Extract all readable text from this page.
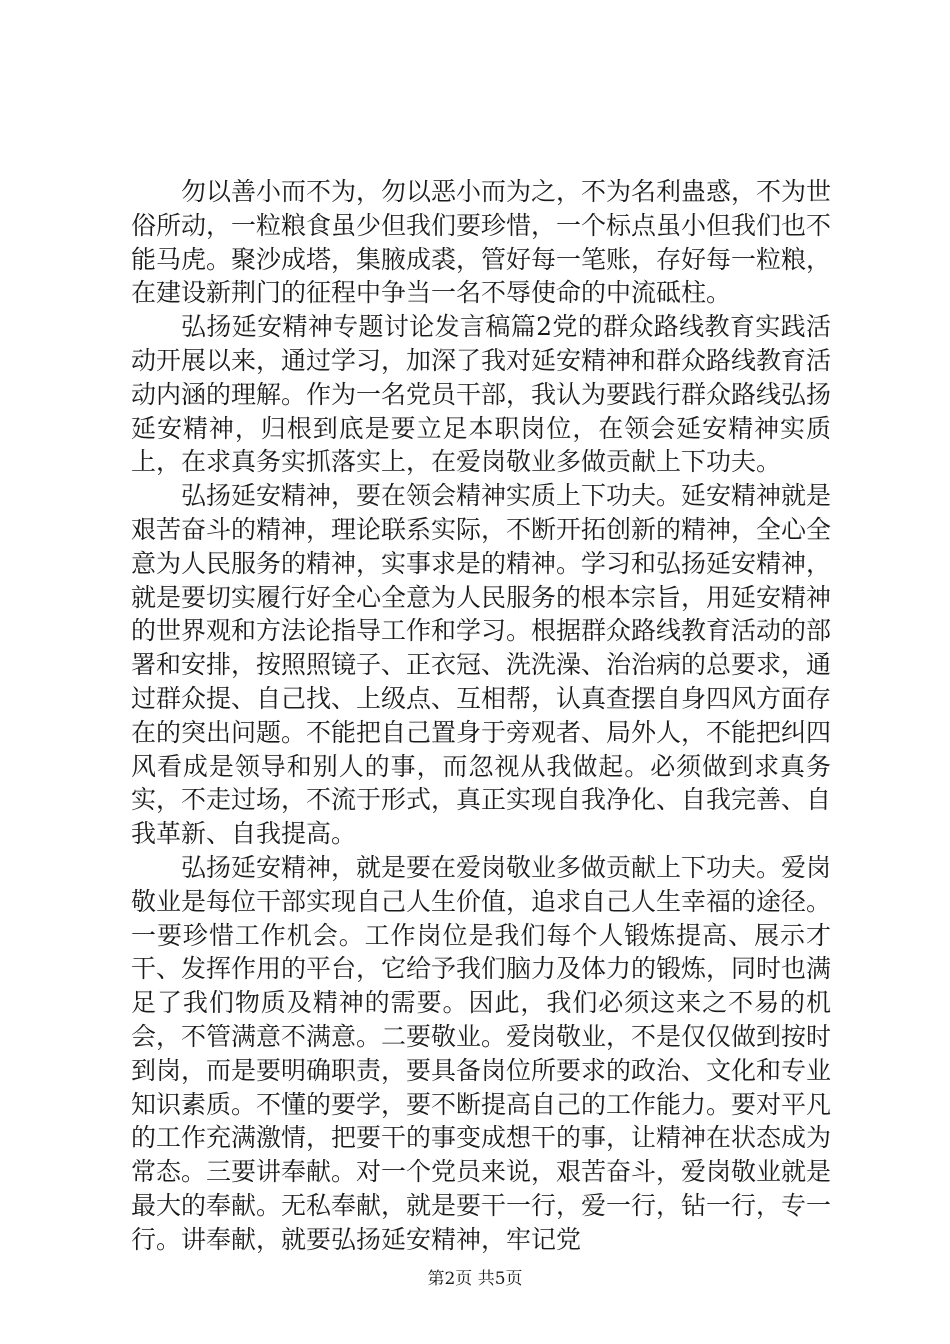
勿以善小而不为，勿以恶小而为之，不为名利蛊惑，不为世俗所动，一粒粮食虽少但我们要珍惜，一个标点虽小但我们也不能马虎。聚沙成塔，集腋成裘，管好每一笔账，存好每一粒粮，在建设新荆门的征程中争当一名不辱使命的中流砥柱。

弘扬延安精神专题讨论发言稿篇2党的群众路线教育实践活动开展以来，通过学习，加深了我对延安精神和群众路线教育活动内涵的理解。作为一名党员干部，我认为要践行群众路线弘扬延安精神，归根到底是要立足本职岗位，在领会延安精神实质上，在求真务实抓落实上，在爱岗敬业多做贡献上下功夫。

弘扬延安精神，要在领会精神实质上下功夫。延安精神就是艰苦奋斗的精神，理论联系实际，不断开拓创新的精神，全心全意为人民服务的精神，实事求是的精神。学习和弘扬延安精神，就是要切实履行好全心全意为人民服务的根本宗旨，用延安精神的世界观和方法论指导工作和学习。根据群众路线教育活动的部署和安排，按照照镜子、正衣冠、洗洗澡、治治病的总要求，通过群众提、自己找、上级点、互相帮，认真查摆自身四风方面存在的突出问题。不能把自己置身于旁观者、局外人，不能把纠四风看成是领导和别人的事，而忽视从我做起。必须做到求真务实，不走过场，不流于形式，真正实现自我净化、自我完善、自我革新、自我提高。

弘扬延安精神，就是要在爱岗敬业多做贡献上下功夫。爱岗敬业是每位干部实现自己人生价值，追求自己人生幸福的途径。一要珍惜工作机会。工作岗位是我们每个人锻炼提高、展示才干、发挥作用的平台，它给予我们脑力及体力的锻炼，同时也满足了我们物质及精神的需要。因此，我们必须这来之不易的机会，不管满意不满意。二要敬业。爱岗敬业，不是仅仅做到按时到岗，而是要明确职责，要具备岗位所要求的政治、文化和专业知识素质。不懂的要学，要不断提高自己的工作能力。要对平凡的工作充满激情，把要干的事变成想干的事，让精神在状态成为常态。三要讲奉献。对一个党员来说，艰苦奋斗，爱岗敬业就是最大的奉献。无私奉献，就是要干一行，爱一行，钻一行，专一行。讲奉献，就要弘扬延安精神，牢记党

第2页 共5页
